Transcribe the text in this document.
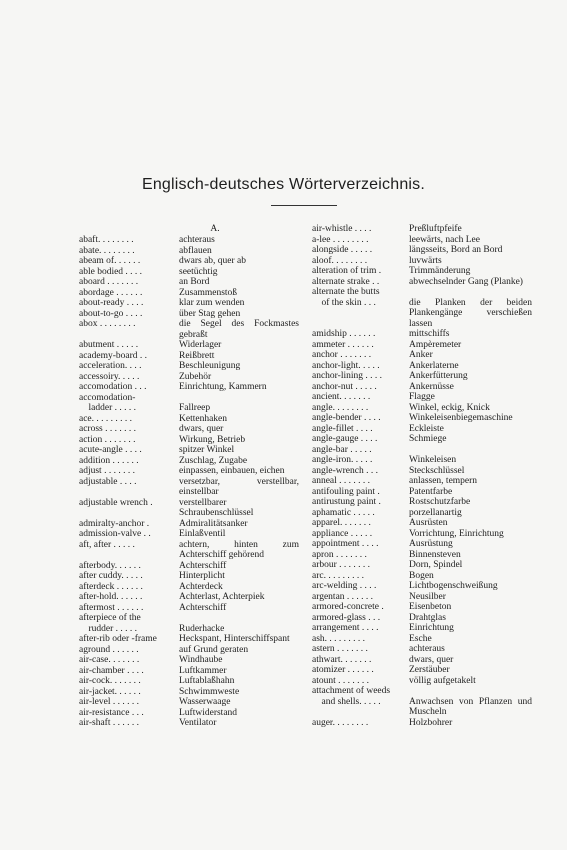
Englisch-deutsches Wörterverzeichnis.
A.
abaft. . . . . . . .	achteraus
abate. . . . . . . .	abflauen
abeam of. . . . . .	dwars ab, quer ab
able bodied . . . .	seetüchtig
aboard . . . . . . .	an Bord
abordage . . . . . .	Zusammenstoß
about-ready . . . .	klar zum wenden
about-to-go . . . .	über Stag gehen
abox . . . . . . . .	die Segel des Fockmastes gebraßt
abutment . . . . .	Widerlager
academy-board . .	Reißbrett
acceleration. . . .	Beschleunigung
accessoiry. . . . .	Zubehör
accomodation . . .	Einrichtung, Kammern
accomodation-
ladder . . . . .	Fallreep
ace. . . . . . . . .	Kettenhaken
across . . . . . . .	dwars, quer
action . . . . . . .	Wirkung, Betrieb
acute-angle . . . .	spitzer Winkel
addition . . . . . .	Zuschlag, Zugabe
adjust . . . . . . .	einpassen, einbauen, eichen
adjustable . . . .	versetzbar, verstellbar, einstellbar
adjustable wrench .	verstellbarer Schraubenschlüssel
admiralty-anchor .	Admiralitätsanker
admission-valve . .	Einlaßventil
aft, after . . . . .	achtern, hinten zum Achterschiff gehörend
afterbody. . . . . .	Achterschiff
after cuddy. . . . .	Hinterplicht
afterdeck . . . . . .	Achterdeck
after-hold. . . . . .	Achterlast, Achterpiek
aftermost . . . . . .	Achterschiff
afterpiece of the
rudder . . . . .	Ruderhacke
after-rib oder -frame	Heckspant, Hinterschiffspant
aground . . . . . .	auf Grund geraten
air-case. . . . . . .	Windhaube
air-chamber . . . .	Luftkammer
air-cock. . . . . . .	Luftablaßhahn
air-jacket. . . . . .	Schwimmweste
air-level . . . . . .	Wasserwaage
air-resistance . . .	Luftwiderstand
air-shaft . . . . . .	Ventilator
air-whistle . . . .	Preßluftpfeife
a-lee . . . . . . . .	leewärts, nach Lee
alongside . . . . .	längsseits, Bord an Bord
aloof. . . . . . . .	luvwärts
alteration of trim .	Trimmänderung
alternate strake . .	abwechselnder Gang (Planke)
alternate the butts
of the skin . . .	die Planken der beiden Plankengänge verschießen lassen
amidship . . . . . .	mittschiffs
ammeter . . . . . .	Ampèremeter
anchor . . . . . . .	Anker
anchor-light. . . . .	Ankerlaterne
anchor-lining . . . .	Ankerfütterung
anchor-nut . . . . .	Ankernüsse
ancient. . . . . . .	Flagge
angle. . . . . . . .	Winkel, eckig, Knick
angle-bender . . . .	Winkeleisenbiegemaschine
angle-fillet . . . .	Eckleiste
angle-gauge . . . .	Schmiege
angle-bar . . . . .
angle-iron. . . . .	Winkeleisen
angle-wrench . . .	Steckschlüssel
anneal . . . . . . .	anlassen, tempern
antifouling paint .	Patentfarbe
antirustung paint .	Rostschutzfarbe
aphamatic . . . . .	porzellanartig
apparel. . . . . . .	Ausrüsten
appliance . . . . .	Vorrichtung, Einrichtung
appointment . . . .	Ausrüstung
apron . . . . . . .	Binnensteven
arbour . . . . . . .	Dorn, Spindel
arc. . . . . . . . .	Bogen
arc-welding . . . .	Lichtbogenschweißung
argentan . . . . . .	Neusilber
armored-concrete .	Eisenbeton
armored-glass . . .	Drahtglas
arrangement . . . .	Einrichtung
ash. . . . . . . . .	Esche
astern . . . . . . .	achteraus
athwart. . . . . . .	dwars, quer
atomizer . . . . . .	Zerstäuber
atount . . . . . . .	völlig aufgetakelt
attachment of weeds
and shells. . . . .	Anwachsen von Pflanzen und Muscheln
auger. . . . . . . .	Holzbohrer
